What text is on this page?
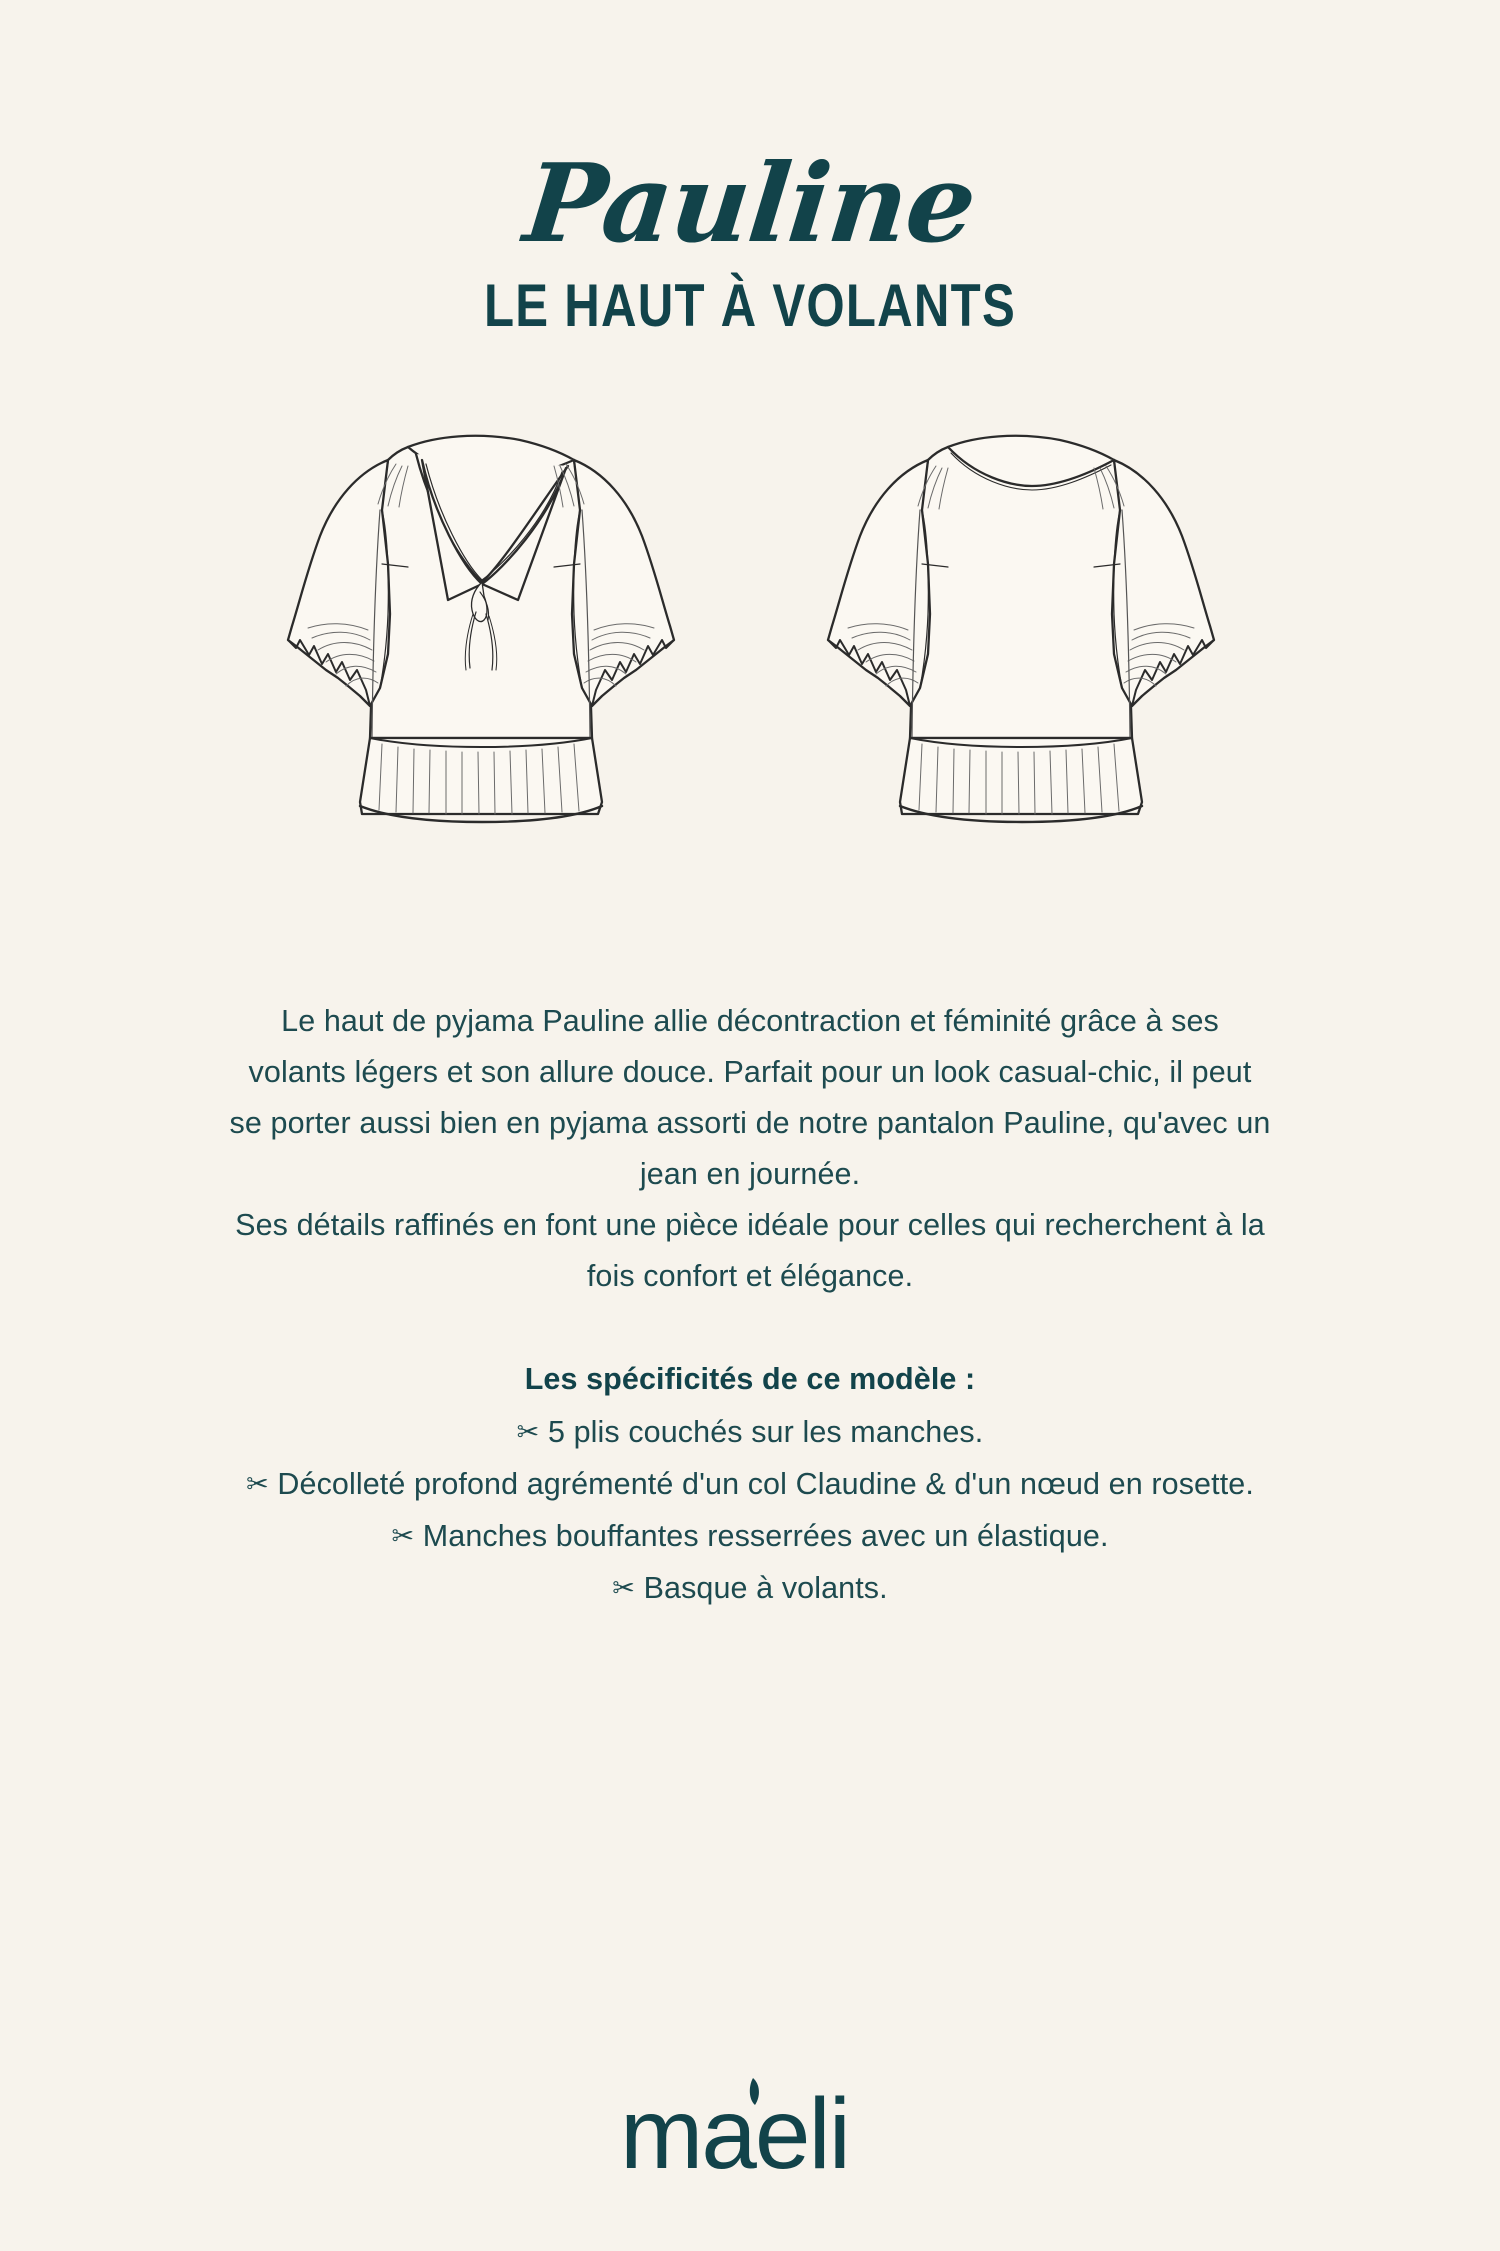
Pauline
LE HAUT À VOLANTS

Le haut de pyjama Pauline allie décontraction et féminité grâce à ses

volants légers et son allure douce. Parfait pour un look casual-chic, il peut

se porter aussi bien en pyjama assorti de notre pantalon Pauline, qu'avec un

jean en journée.

Ses détails raffinés en font une pièce idéale pour celles qui recherchent à la

fois confort et élégance.

Les spécificités de ce modèle :

✂ 5 plis couchés sur les manches.

✂ Décolleté profond agrémenté d'un col Claudine & d'un nœud en rosette.

✂ Manches bouffantes resserrées avec un élastique.

✂ Basque à volants.

maeli
